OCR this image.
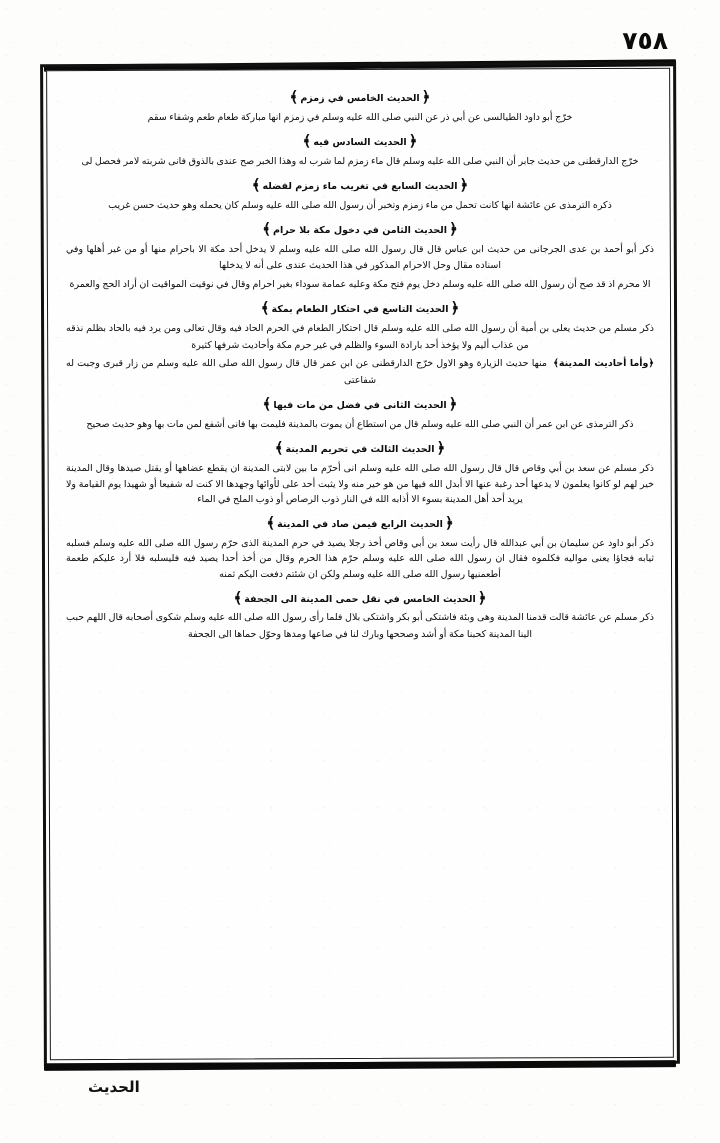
٧٥٨
﴿الحديث الخامس في زمزم﴾

خرّج أبو داود الطيالسى عن أبي ذر عن النبي صلى الله عليه وسلم في زمزم انها مباركة طعام طعم وشفاء سقم

﴿الحديث السادس فيه﴾

خرّج الدارقطنى من حديث جابر أن النبي صلى الله عليه وسلم قال ماء زمزم لما شرب له وهذا الخبر صح عندى بالذوق فانى شربته لامر فحصل لى

﴿الحديث السابع في تغريب ماء زمزم لفضله﴾

ذكره الترمذى عن عائشة انها كانت تحمل من ماء زمزم وتخبر أن رسول الله صلى الله عليه وسلم كان يحمله وهو حديث حسن غريب

﴿الحديث الثامن في دخول مكة بلا حرام﴾

ذكر أبو أحمد بن عدى الجرجانى من حديث ابن عباس قال قال رسول الله صلى الله عليه وسلم لا يدخل أحد مكة الا باحرام منها أو من غير أهلها وفي اسناده مقال وحل الاحرام المذكور في هذا الحديث عندى على أنه لا يدخلها

الا محرم اذ قد صح أن رسول الله صلى الله عليه وسلم دخل يوم فتح مكة وعليه عمامة سوداء بغير احرام وقال في نوقيت المواقيت ان أراد الحج والعمرة

﴿الحديث التاسع في احتكار الطعام بمكة﴾

ذكر مسلم من حديث يعلى بن أمية أن رسول الله صلى الله عليه وسلم قال احتكار الطعام في الحرم الحاد فيه وقال تعالى ومن يرد فيه بالحاد بظلم نذقه من عذاب أليم ولا يؤخذ أحد بارادة السوء والظلم في غير حرم مكة وأحاديث شرفها كثيرة

﴿وأما أحاديث المدينة﴾  منها حديث الزيارة وهو الاول خرّج الدارقطنى عن ابن عمر قال قال رسول الله صلى الله عليه وسلم من زار قبرى وجبت له شفاعتى

﴿الحديث الثانى في فضل من مات فيها﴾

ذكر الترمذى عن ابن عمر أن النبي صلى الله عليه وسلم قال من استطاع أن يموت بالمدينة فليمت بها فانى أشفع لمن مات بها وهو حديث صحيح

﴿الحديث الثالث في تحريم المدينة﴾

ذكر مسلم عن سعد بن أبي وقاص قال قال رسول الله صلى الله عليه وسلم انى أحرّم ما بين لابتى المدينة ان يقطع عضاهها أو يقتل صيدها وقال المدينة خير لهم لو كانوا يعلمون لا يدعها أحد رغبة عنها الا أبدل الله فيها من هو خير منه ولا يثبت أحد على لأوائها وجهدها الا كنت له شفيعا أو شهيدا يوم القيامة ولا يريد أحد أهل المدينة بسوء الا أذابه الله في النار ذوب الرصاص أو ذوب الملح في الماء

﴿الحديث الرابع فيمن صاد في المدينة﴾

ذكر أبو داود عن سليمان بن أبي عبدالله قال رأيت سعد بن أبي وقاص أخذ رجلا يصيد في حرم المدينة الذى حرّم رسول الله صلى الله عليه وسلم فسلبه ثيابه فجاؤا يعنى مواليه فكلموه فقال ان رسول الله صلى الله عليه وسلم حرّم هذا الحرم وقال من أخذ أحدا يصيد فيه فليسلبه فلا أرد عليكم طعمة أطعمنيها رسول الله صلى الله عليه وسلم ولكن ان شئتم دفعت اليكم ثمنه

﴿الحديث الخامس في نقل حمى المدينة الى الجحفة﴾

ذكر مسلم عن عائشة قالت قدمنا المدينة وهى وبئة فاشتكى أبو بكر واشتكى بلال فلما رأى رسول الله صلى الله عليه وسلم شكوى أصحابه قال اللهم حبب الينا المدينة كحبنا مكة أو أشد وصححها وبارك لنا في صاعها ومدها وحوّل حماها الى الجحفة

الحديث
